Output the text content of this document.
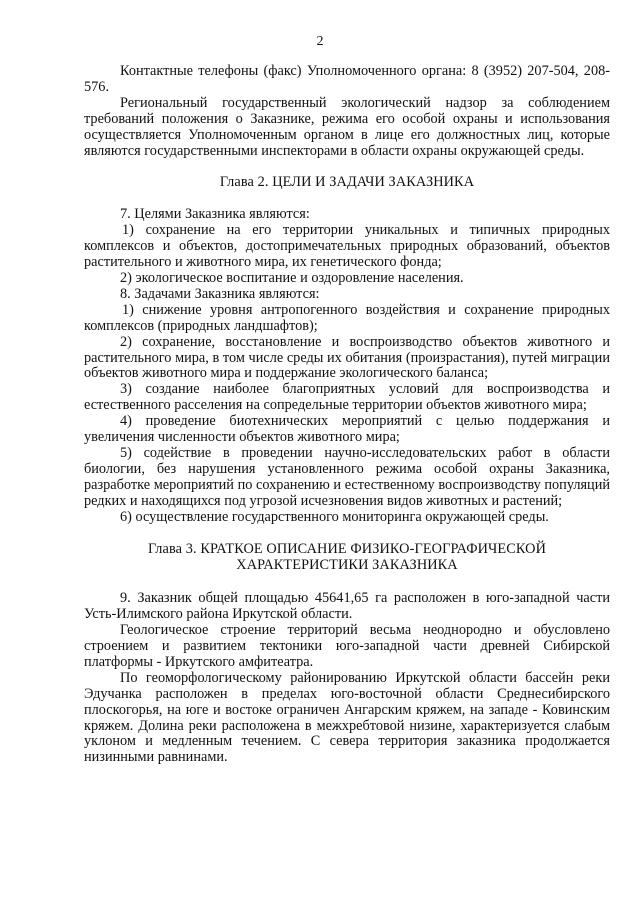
2

Контактные телефоны (факс) Уполномоченного органа: 8 (3952) 207-504, 208-576.

Региональный государственный экологический надзор за соблюдением требований положения о Заказнике, режима его особой охраны и использования осуществляется Уполномоченным органом в лице его должностных лиц, которые являются государственными инспекторами в области охраны окружающей среды.

Глава 2. ЦЕЛИ И ЗАДАЧИ ЗАКАЗНИКА

7. Целями Заказника являются:

1) сохранение на его территории уникальных и типичных природных комплексов и объектов, достопримечательных природных образований, объектов растительного и животного мира, их генетического фонда;

2) экологическое воспитание и оздоровление населения.

8. Задачами Заказника являются:

1) снижение уровня антропогенного воздействия и сохранение природных комплексов (природных ландшафтов);

2) сохранение, восстановление и воспроизводство объектов животного и растительного мира, в том числе среды их обитания (произрастания), путей миграции объектов животного мира и поддержание экологического баланса;

3) создание наиболее благоприятных условий для воспроизводства и естественного расселения на сопредельные территории объектов животного мира;

4) проведение биотехнических мероприятий с целью поддержания и увеличения численности объектов животного мира;

5) содействие в проведении научно-исследовательских работ в области биологии, без нарушения установленного режима особой охраны Заказника, разработке мероприятий по сохранению и естественному воспроизводству популяций редких и находящихся под угрозой исчезновения видов животных и растений;

6) осуществление государственного мониторинга окружающей среды.

Глава 3. КРАТКОЕ ОПИСАНИЕ ФИЗИКО-ГЕОГРАФИЧЕСКОЙ
ХАРАКТЕРИСТИКИ ЗАКАЗНИКА

9. Заказник общей площадью 45641,65 га расположен в юго-западной части Усть-Илимского района Иркутской области.

Геологическое строение территорий весьма неоднородно и обусловлено строением и развитием тектоники юго-западной части древней Сибирской платформы - Иркутского амфитеатра.

По геоморфологическому районированию Иркутской области бассейн реки Эдучанка расположен в пределах юго-восточной области Среднесибирского плоскогорья, на юге и востоке ограничен Ангарским кряжем, на западе - Ковинским кряжем. Долина реки расположена в межхребтовой низине, характеризуется слабым уклоном и медленным течением. С севера территория заказника продолжается низинными равнинами.
